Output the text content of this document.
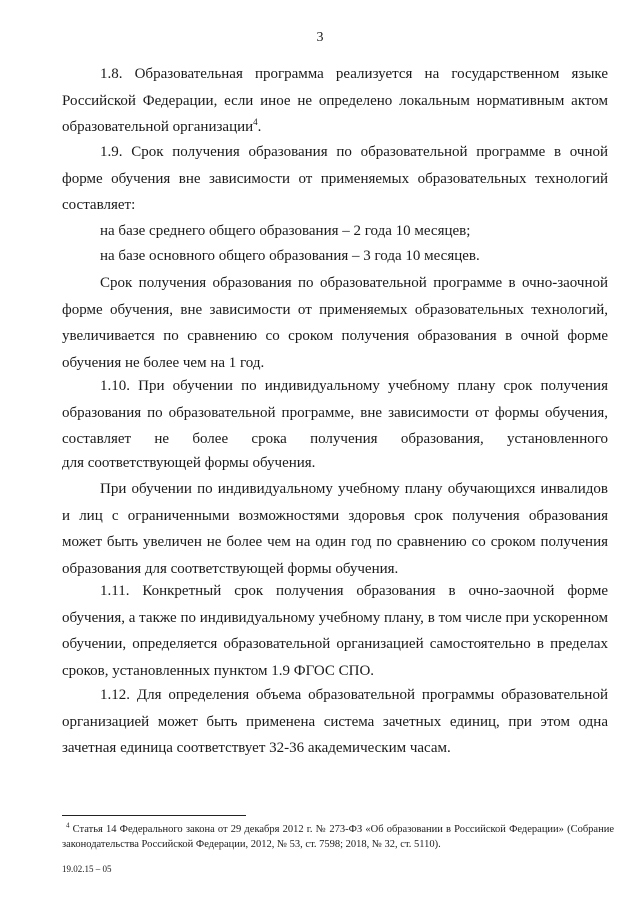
3

1.8. Образовательная программа реализуется на государственном языке Российской Федерации, если иное не определено локальным нормативным актом образовательной организации$^4$.

1.9. Срок получения образования по образовательной программе в очной форме обучения вне зависимости от применяемых образовательных технологий составляет:

на базе среднего общего образования – 2 года 10 месяцев;

на базе основного общего образования – 3 года 10 месяцев.

Срок получения образования по образовательной программе в очно-заочной форме обучения, вне зависимости от применяемых образовательных технологий, увеличивается по сравнению со сроком получения образования в очной форме обучения не более чем на 1 год.

1.10. При обучении по индивидуальному учебному плану срок получения образования по образовательной программе, вне зависимости от формы обучения, составляет не более срока получения образования, установленного

для соответствующей формы обучения.

При обучении по индивидуальному учебному плану обучающихся инвалидов и лиц с ограниченными возможностями здоровья срок получения образования может быть увеличен не более чем на один год по сравнению со сроком получения образования для соответствующей формы обучения.

1.11. Конкретный срок получения образования в очно-заочной форме обучения, а также по индивидуальному учебному плану, в том числе при ускоренном обучении, определяется образовательной организацией самостоятельно в пределах сроков, установленных пунктом 1.9 ФГОС СПО.

1.12. Для определения объема образовательной программы образовательной организацией может быть применена система зачетных единиц, при этом одна зачетная единица соответствует 32-36 академическим часам.

$^4$ Статья 14 Федерального закона от 29 декабря 2012 г. № 273-ФЗ «Об образовании в Российской Федерации» (Собрание законодательства Российской Федерации, 2012, № 53, ст. 7598; 2018, № 32, ст. 5110).

19.02.15 – 05
